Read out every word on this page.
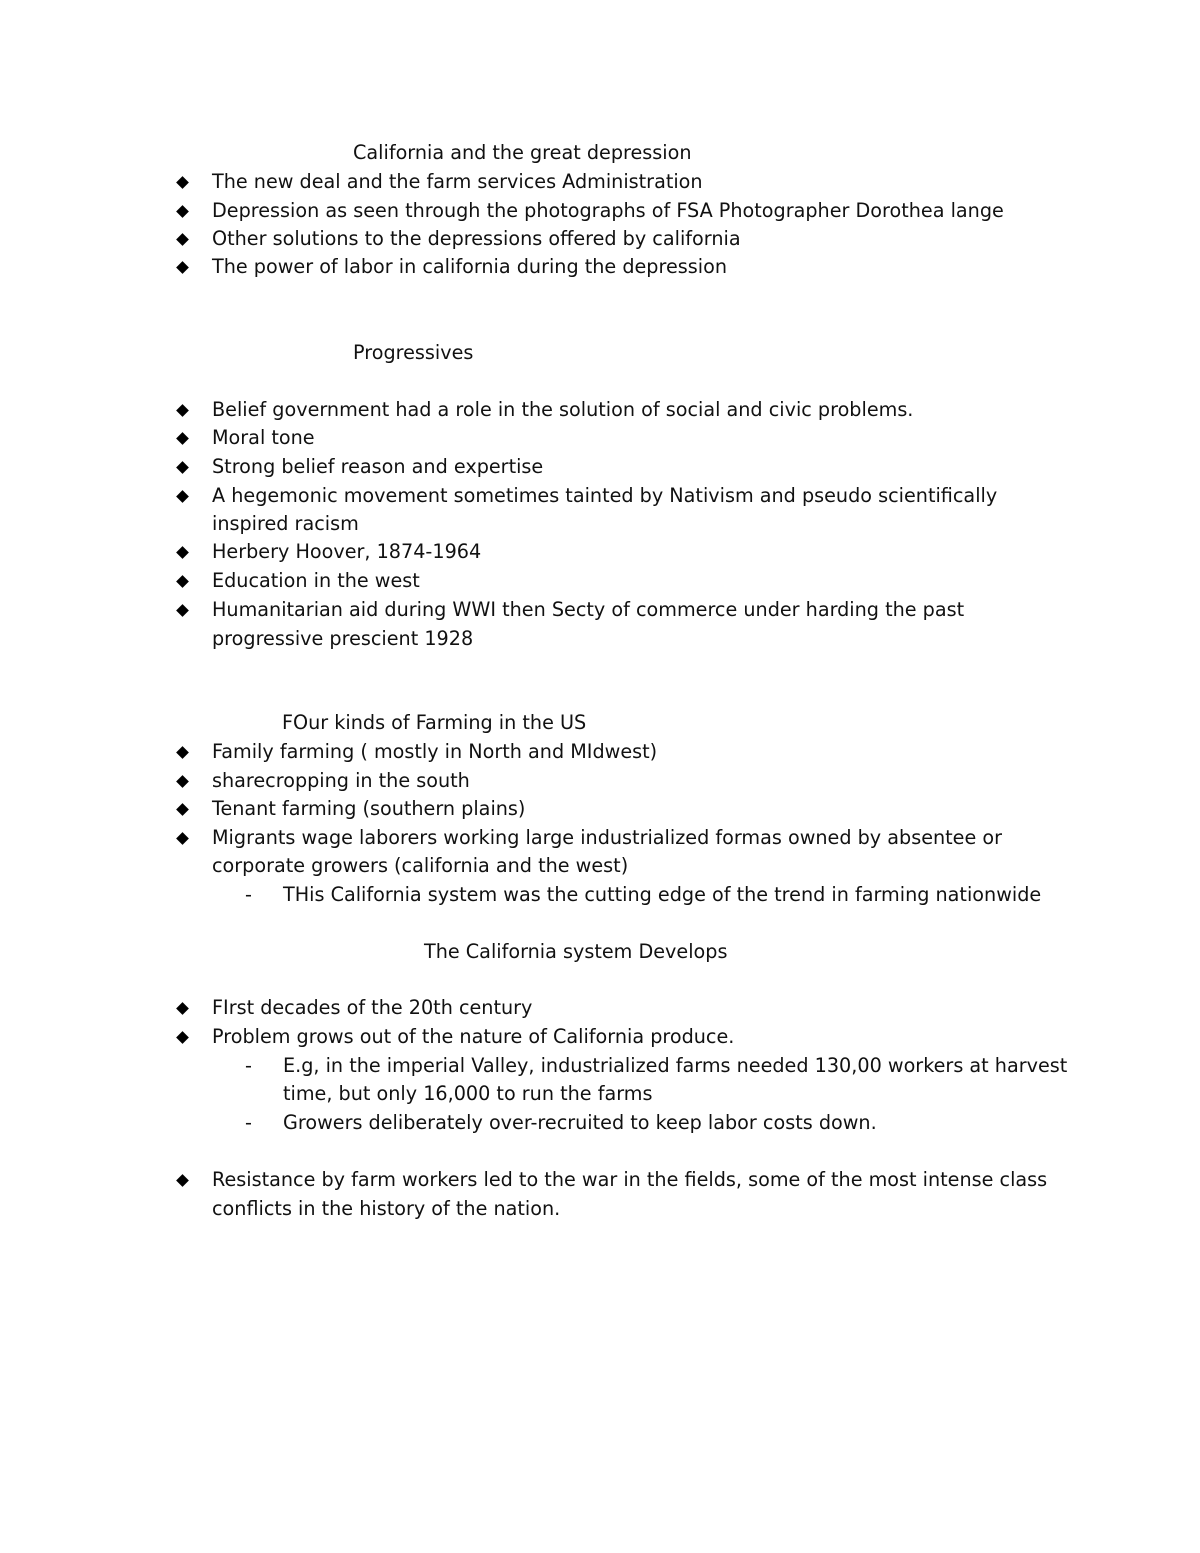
California and the great depression
The new deal and the farm services Administration
Depression as seen through the photographs of FSA Photographer Dorothea lange
Other solutions to the depressions offered by california
The power of labor in california during the depression
Progressives
Belief government had a role in the solution of social and civic problems.
Moral tone
Strong belief reason and expertise
A hegemonic movement sometimes tainted by Nativism and pseudo scientifically
inspired racism
Herbery Hoover, 1874-1964
Education in the west
Humanitarian aid during WWI then Secty of commerce under harding the past
progressive prescient 1928
FOur kinds of Farming in the US
Family farming ( mostly in North and MIdwest)
sharecropping in the south
Tenant farming (southern plains)
Migrants wage laborers working large industrialized formas owned by absentee or
corporate growers (california and the west)
- THis California system was the cutting edge of the trend in farming nationwide
The California system Develops
FIrst decades of the 20th century
Problem grows out of the nature of California produce.
- E.g, in the imperial Valley, industrialized farms needed 130,00 workers at harvest
time, but only 16,000 to run the farms
- Growers deliberately over-recruited to keep labor costs down.
Resistance by farm workers led to the war in the fields, some of the most intense class
conflicts in the history of the nation.
